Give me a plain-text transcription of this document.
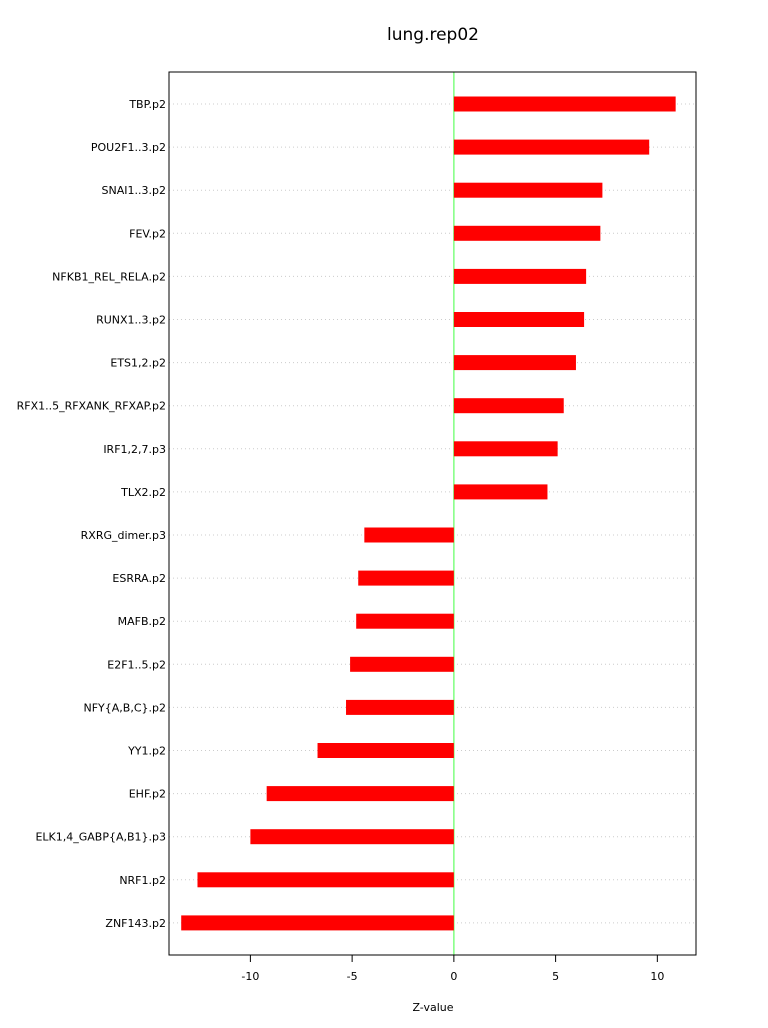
lung.rep02
TBP.p2
POU2F1..3.p2
SNAI1..3.p2
FEV.p2
NFKB1_REL_RELA.p2
RUNX1..3.p2
ETS1,2.p2
RFX1..5_RFXANK_RFXAP.p2
IRF1,2,7.p3
TLX2.p2
RXRG_dimer.p3
ESRRA.p2
MAFB.p2
E2F1..5.p2
NFY{A,B,C}.p2
YY1.p2
EHF.p2
ELK1,4_GABP{A,B1}.p3
NRF1.p2
ZNF143.p2
-10	-5	0	5	10
Z-value
